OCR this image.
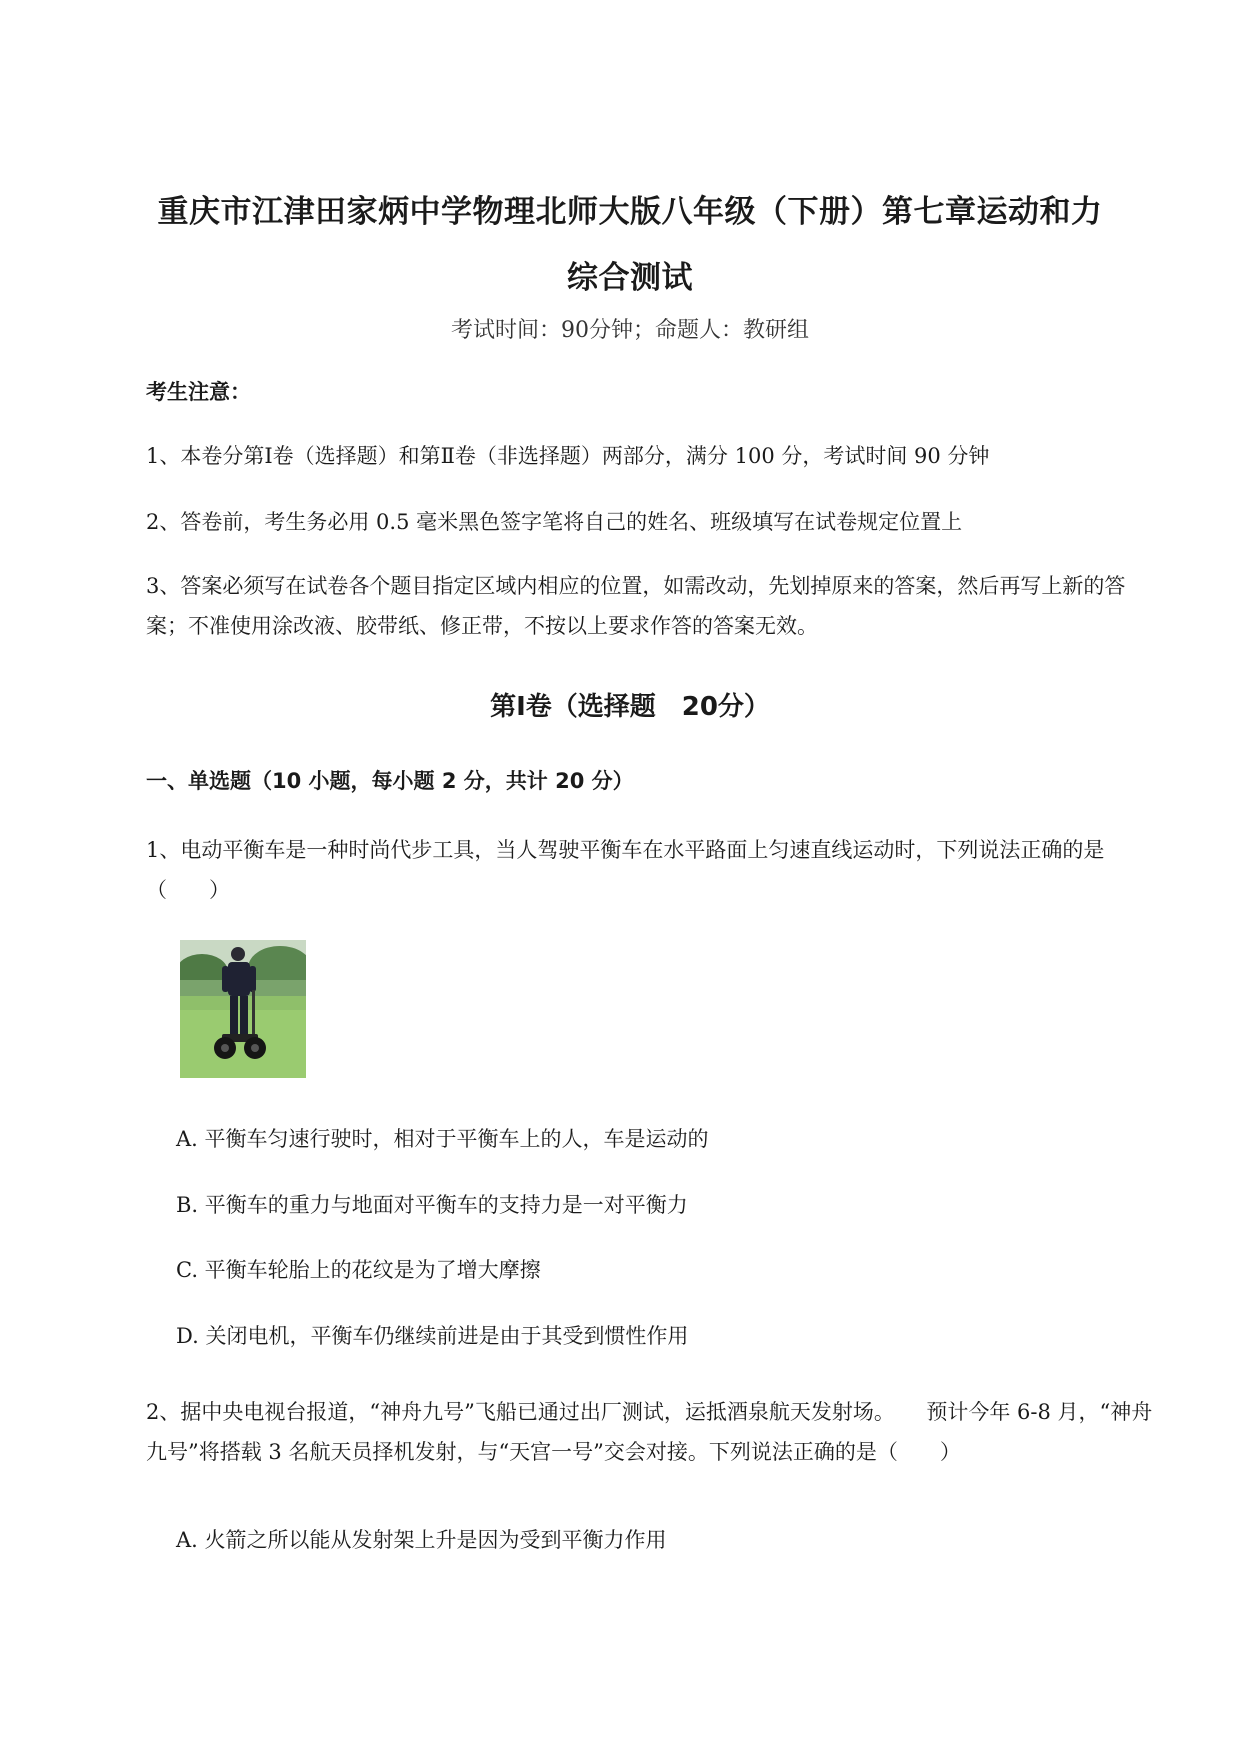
重庆市江津田家炳中学物理北师大版八年级（下册）第七章运动和力
综合测试
考试时间：90分钟；命题人：教研组
考生注意：
1、本卷分第Ⅰ卷（选择题）和第Ⅱ卷（非选择题）两部分，满分 100 分，考试时间 90 分钟
2、答卷前，考生务必用 0.5 毫米黑色签字笔将自己的姓名、班级填写在试卷规定位置上
3、答案必须写在试卷各个题目指定区域内相应的位置，如需改动，先划掉原来的答案，然后再写上新的答案；不准使用涂改液、胶带纸、修正带，不按以上要求作答的答案无效。
第Ⅰ卷（选择题　20分）
一、单选题（10 小题，每小题 2 分，共计 20 分）
1、电动平衡车是一种时尚代步工具，当人驾驶平衡车在水平路面上匀速直线运动时，下列说法正确的是（　　）
A. 平衡车匀速行驶时，相对于平衡车上的人，车是运动的
B. 平衡车的重力与地面对平衡车的支持力是一对平衡力
C. 平衡车轮胎上的花纹是为了增大摩擦
D. 关闭电机，平衡车仍继续前进是由于其受到惯性作用
2、据中央电视台报道，“神舟九号”飞船已通过出厂测试，运抵酒泉航天发射场。　　预计今年 6-8 月，“神舟九号”将搭载 3 名航天员择机发射，与“天宫一号”交会对接。下列说法正确的是（　　）
A. 火箭之所以能从发射架上升是因为受到平衡力作用
